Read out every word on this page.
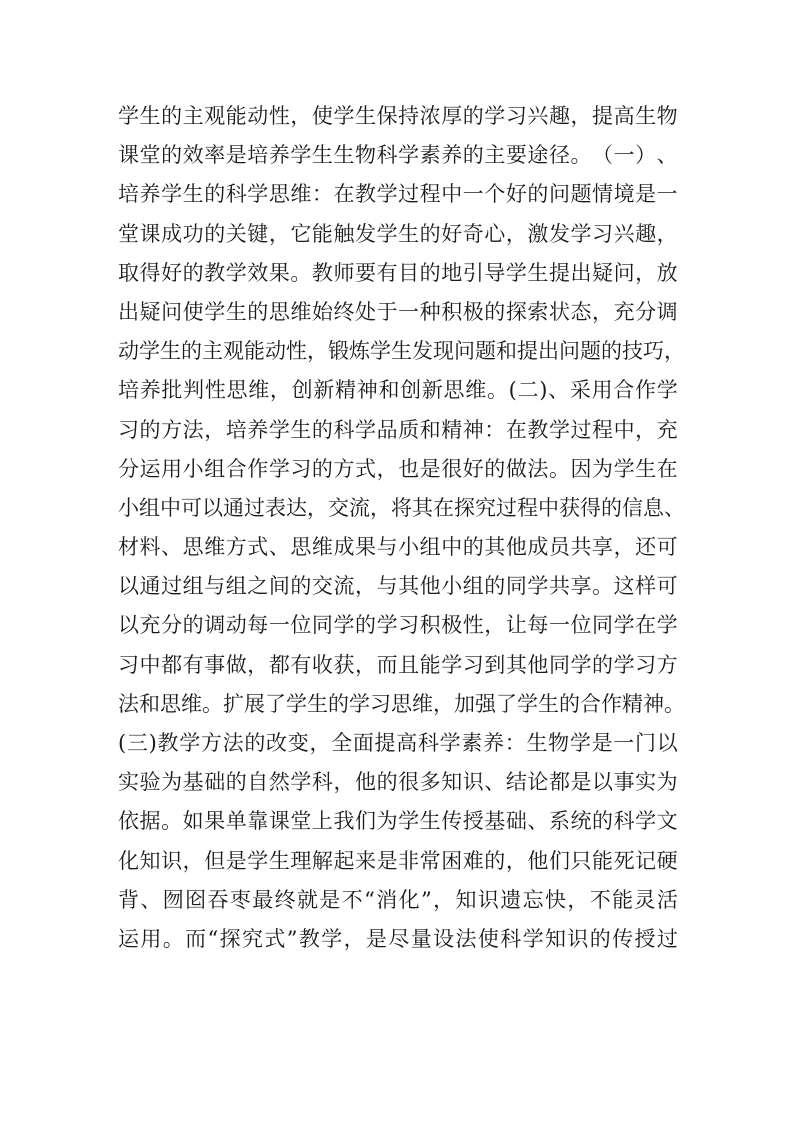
学 生 的 主 观 能 动 性 ， 使 学 生 保 持 浓 厚 的 学 习 兴 趣 ， 提 高 生 物
课 堂 的 效 率 是 培 养 学 生 生 物 科 学 素 养 的 主 要 途 径 。 （ 一 ） 、
培 养 学 生 的 科 学 思 维 ： 在 教 学 过 程 中 一 个 好 的 问 题 情 境 是 一
堂 课 成 功 的 关 键 ， 它 能 触 发 学 生 的 好 奇 心 ， 激 发 学 习 兴 趣 ，
取 得 好 的 教 学 效 果 。 教 师 要 有 目 的 地 引 导 学 生 提 出 疑 问 ， 放
出 疑 问 使 学 生 的 思 维 始 终 处 于 一 种 积 极 的 探 索 状 态 ， 充 分 调
动 学 生 的 主 观 能 动 性 ， 锻 炼 学 生 发 现 问 题 和 提 出 问 题 的 技 巧 ，
培 养 批 判 性 思 维 ， 创 新 精 神 和 创 新 思 维 。 ( 二 ) 、 采 用 合 作 学
习 的 方 法 ， 培 养 学 生 的 科 学 品 质 和 精 神 ： 在 教 学 过 程 中 ， 充
分 运 用 小 组 合 作 学 习 的 方 式 ， 也 是 很 好 的 做 法 。 因 为 学 生 在
小 组 中 可 以 通 过 表 达 ， 交 流 ， 将 其 在 探 究 过 程 中 获 得 的 信 息 、
材 料 、 思 维 方 式 、 思 维 成 果 与 小 组 中 的 其 他 成 员 共 享 ， 还 可
以 通 过 组 与 组 之 间 的 交 流 ， 与 其 他 小 组 的 同 学 共 享 。 这 样 可
以 充 分 的 调 动 每 一 位 同 学 的 学 习 积 极 性 ， 让 每 一 位 同 学 在 学
习 中 都 有 事 做 ， 都 有 收 获 ， 而 且 能 学 习 到 其 他 同 学 的 学 习 方
法 和 思 维 。 扩 展 了 学 生 的 学 习 思 维 ， 加 强 了 学 生 的 合 作 精 神 。
( 三 ) 教 学 方 法 的 改 变 ， 全 面 提 高 科 学 素 养 ： 生 物 学 是 一 门 以
实 验 为 基 础 的 自 然 学 科 ， 他 的 很 多 知 识 、 结 论 都 是 以 事 实 为
依 据 。 如 果 单 靠 课 堂 上 我 们 为 学 生 传 授 基 础 、 系 统 的 科 学 文
化 知 识 ， 但 是 学 生 理 解 起 来 是 非 常 困 难 的 ， 他 们 只 能 死 记 硬
背 、 囫 囵 吞 枣 最 终 就 是 不 “ 消 化 ” ， 知 识 遗 忘 快 ， 不 能 灵 活
运 用 。 而 “ 探 究 式 ” 教 学 ， 是 尽 量 设 法 使 科 学 知 识 的 传 授 过
